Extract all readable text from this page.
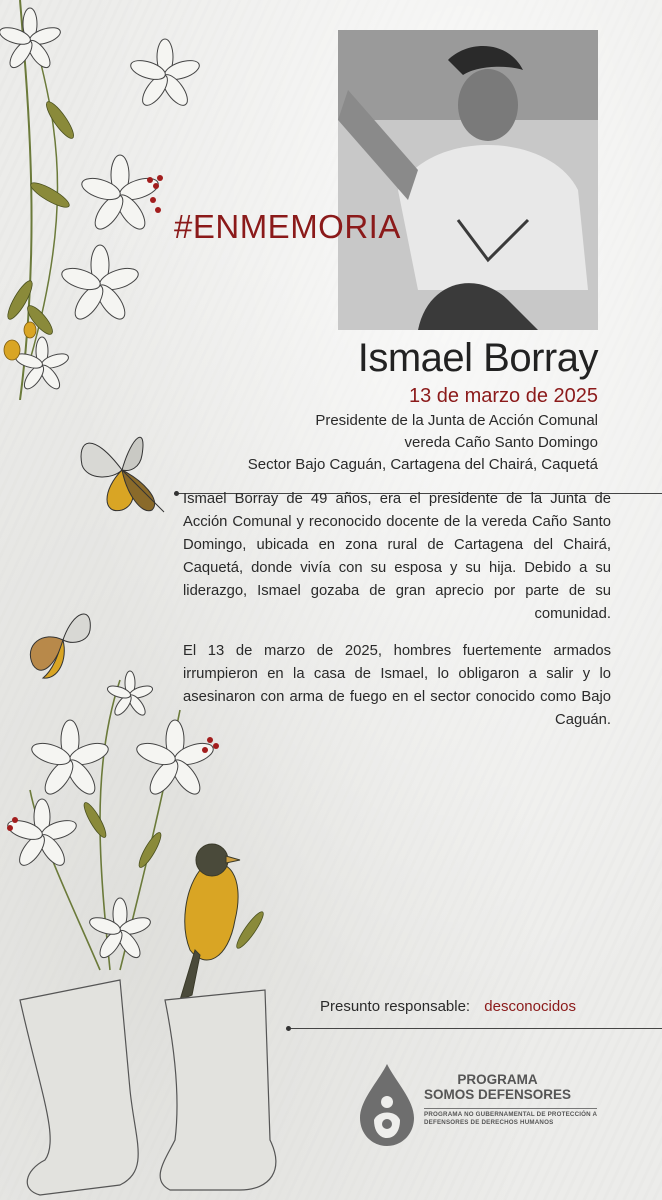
#ENMEMORIA
Ismael Borray
13 de marzo de 2025
Presidente de la Junta de Acción Comunal
vereda Caño Santo Domingo
Sector Bajo Caguán, Cartagena del Chairá, Caquetá

Ismael Borray de 49 años, era el presidente de la Junta de Acción Comunal y reconocido docente de la vereda Caño Santo Domingo, ubicada en zona rural de Cartagena del Chairá, Caquetá, donde vivía con su esposa y su hija. Debido a su liderazgo, Ismael gozaba de gran aprecio por parte de su comunidad.

El 13 de marzo de 2025, hombres fuertemente armados irrumpieron en la casa de Ismael, lo obligaron a salir y lo asesinaron con arma de fuego en el sector conocido como Bajo Caguán.

Presunto responsable: desconocidos
PROGRAMA
SOMOS DEFENSORES
PROGRAMA NO GUBERNAMENTAL DE PROTECCIÓN A
DEFENSORES DE DERECHOS HUMANOS
